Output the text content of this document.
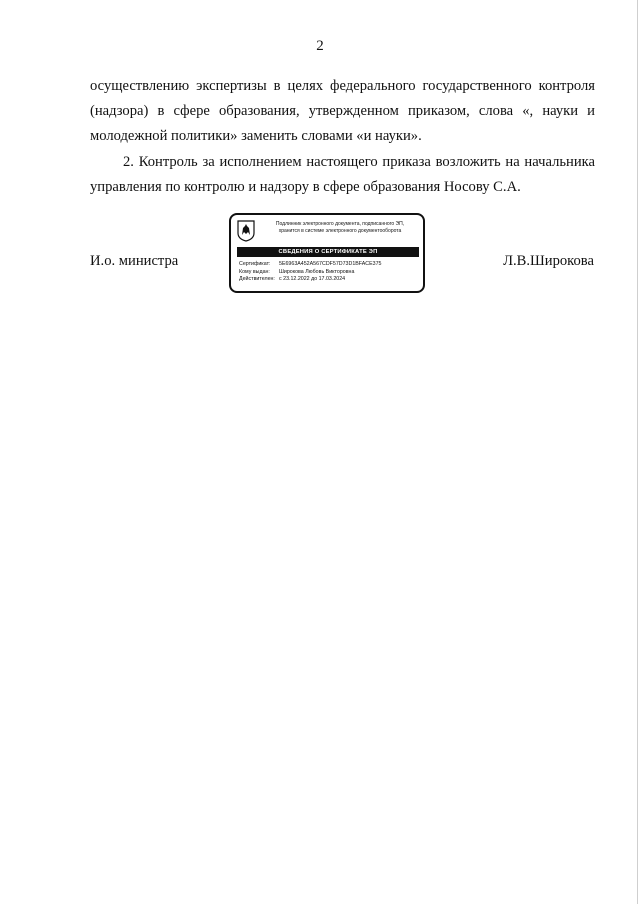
2

осуществлению экспертизы в целях федерального государственного контроля
(надзора) в сфере образования, утвержденном приказом, слова «, науки и
молодежной политики» заменить словами «и науки».

2. Контроль за исполнением настоящего приказа возложить на начальника
управления по контролю и надзору в сфере образования Носову С.А.

И.о. министра
Подлинник электронного документа, подписанного ЭП,
хранится в системе электронного документооборота
СВЕДЕНИЯ О СЕРТИФИКАТЕ ЭП
Сертификат:	5E6963A452A567CDF57D73D1BFACE375
Кому выдан:	Широкова Любовь Викторовна
Действителен: с 23.12.2022 до 17.03.2024
Л.В.Широкова
